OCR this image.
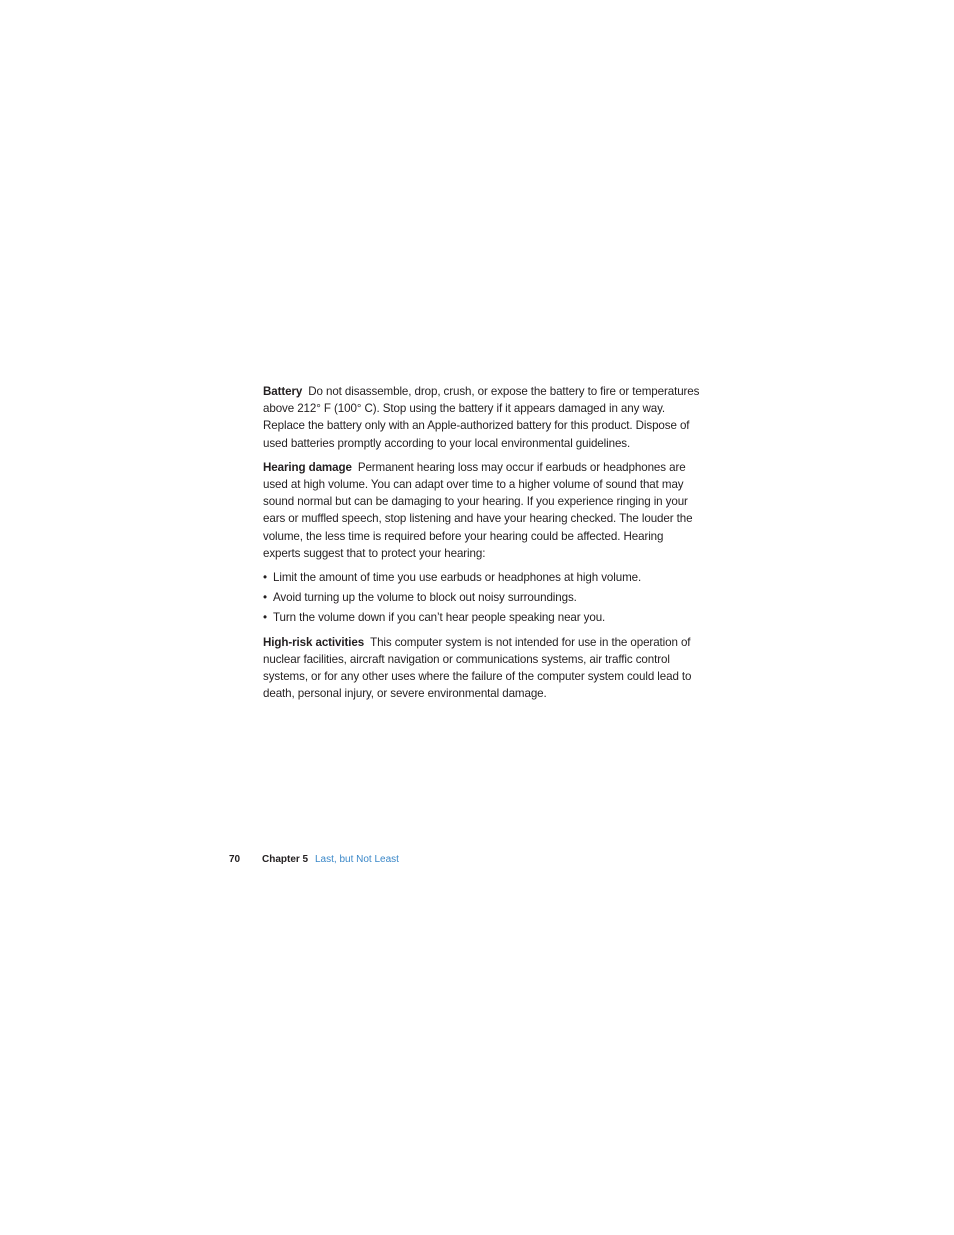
Battery Do not disassemble, drop, crush, or expose the battery to fire or temperatures above 212° F (100° C). Stop using the battery if it appears damaged in any way. Replace the battery only with an Apple-authorized battery for this product. Dispose of used batteries promptly according to your local environmental guidelines.

Hearing damage Permanent hearing loss may occur if earbuds or headphones are used at high volume. You can adapt over time to a higher volume of sound that may sound normal but can be damaging to your hearing. If you experience ringing in your ears or muffled speech, stop listening and have your hearing checked. The louder the volume, the less time is required before your hearing could be affected. Hearing experts suggest that to protect your hearing:

• Limit the amount of time you use earbuds or headphones at high volume.
• Avoid turning up the volume to block out noisy surroundings.
• Turn the volume down if you can’t hear people speaking near you.

High-risk activities This computer system is not intended for use in the operation of nuclear facilities, aircraft navigation or communications systems, air traffic control systems, or for any other uses where the failure of the computer system could lead to death, personal injury, or severe environmental damage.

70 Chapter 5 Last, but Not Least
